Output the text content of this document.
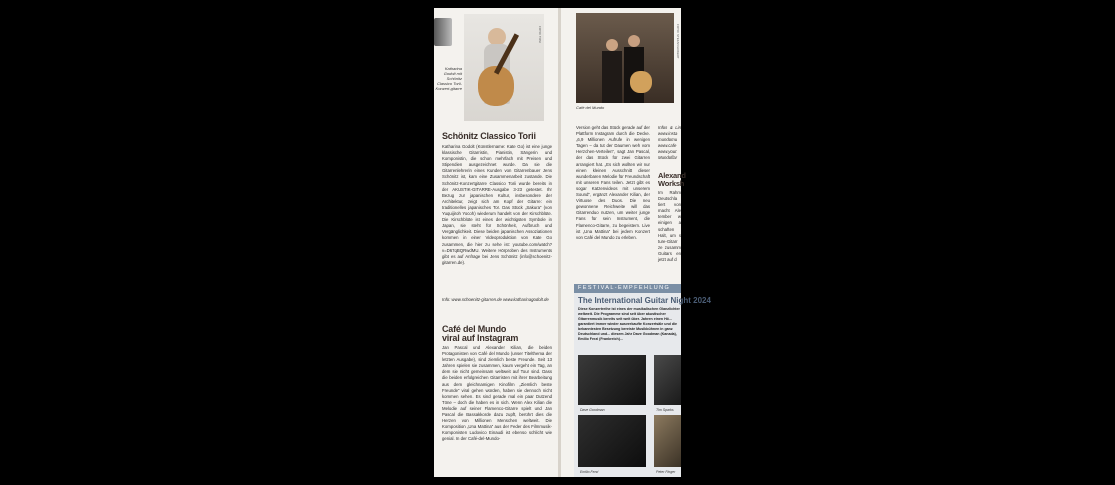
Katharina Godolt mit Schönitz Classico Torii-Konzert-gitarre
FOTO: TOSI
Schönitz Classico Torii
Katharina Godolt (Künstlername: Kate Go) ist eine junge klassische Gitarristin, Pianistin, Sängerin und Komponistin, die schon mehrfach mit Preisen und Stipendien ausgezeichnet wurde. Da sie die Gitarrenlehrerin eines Kunden von Gitarrenbauer Jens Schönitz ist, kam eine Zusammenarbeit zustande. Die Schönitz-Konzertgitarre Classico Torii wurde bereits in der AKUSTIK-GITARRE-Ausgabe 3-23 getestet. Ihr Bezug zur japanischen Kultur, insbesondere der Architektur, zeigt sich am Kopf der Gitarre: ein traditionelles japanisches Tor. Das Stück „Sakura“ (von Yuquijiroh Yocoh) wiederum handelt von der Kirschblüte. Die Kirschblüte ist eines der wichtigsten Symbole in Japan, sie steht für Schönheit, Aufbruch und Vergänglichkeit. Diese beiden japanischen Assoziationen kommen in einer Videoproduktion von Kate Go zusammen, die hier zu sehe ist: youtube.com/watch?v=D67qBQRwdMU. Weitere Hörproben des Instruments gibt es auf Anfrage bei Jens Schönitz (info@schoenitz-gitarren.de).
Info: www.schoenitz-gitarren.de www.katharinagodolt.de
Café del Mundo viral auf Instagram
Jan Pascal und Alexander Kilian, die beiden Protagonisten von Café del Mundo (unser Titelthema der letzten Ausgabe), sind ziemlich beste Freunde. Seit 13 Jahren spielen sie zusammen, kaum vergeht ein Tag, an dem sie nicht gemeinsam weltweit auf Tour sind. Dass die beiden erfolgreichen Gitarristen mit ihrer Bearbeitung aus dem gleichnamigen Kinofilm „Ziemlich beste Freunde“ viral gehen würden, haben sie dennoch nicht kommen sehen. Es sind gerade mal ein paar Dutzend Töne – doch die haben es in sich. Wenn Alex Kilian die Melodie auf seiner Flamenco-Gitarre spielt und Jan Pascal die Bassakkorde dazu zupft, berührt dies die Herzen von Millionen Menschen weltweit. Die Komposition „Una Mattina“ aus der Feder des Filmmusik-Komponisten Ludovico Einaudi ist ebenso schlicht wie genial. In der Café-del-Mundo-
Café del Mundo
FOTO: STEFAN ECKERT
Version geht das Stück gerade auf der Plattform Instagram durch die Decke. „6,9 Millionen Aufrufe in wenigen Tagen – da tut der Daumen weh vom Herzchen-Verteilen“, sagt Jan Pascal, der das Stück für zwei Gitarren arrangiert hat. „Es sich wollten wir nur einen kleinen Ausschnitt dieser wunderbaren Melodie für Freundschaft mit unseren Fans teilen. Jetzt gibt es sogar Katzenvideos mit unserem Sound“, ergänzt Alexander Kilian, der Virtuose des Duos. Die neu gewonnene Reichweite will das Gitarrenduo nutzen, um weiter junge Fans für sein Instrument, die Flamenco-Gitarre, zu begeistern. Live ist „Una Mattina“ bei jedem Konzert von Café del Mundo zu erleben.
Infos & Lin www.insta mundomu www.cafe www.yout Mundoflar
Alexand Worksh
Im Rahm Deutschla tiert von macht Ale tember w einigen a schaften Halt, um s ture-Gitarr ze zusamm Guitars en jetzt auf d
FESTIVAL-EMPFEHLUNG
The International Guitar Night 2024
Diese Konzertreihe ist eines der musikalischen Glanzlichter weltweit. Die Programme sind seit über akustischer Gitarrenmusik bereits seit weit über. Jahren einen Hö... garantiert immer wieder ausverkaufte Konzertsäle und die bekanntesten Besetzung bereiste Musikbühnen in ganz Deutschland und... diesem Jahr Dave Goodman (Kanada), Emilio Ferzi (Frankreich)...
Dave Goodman	Tim Sparks
Emilio Ferzi	Peter Finger
